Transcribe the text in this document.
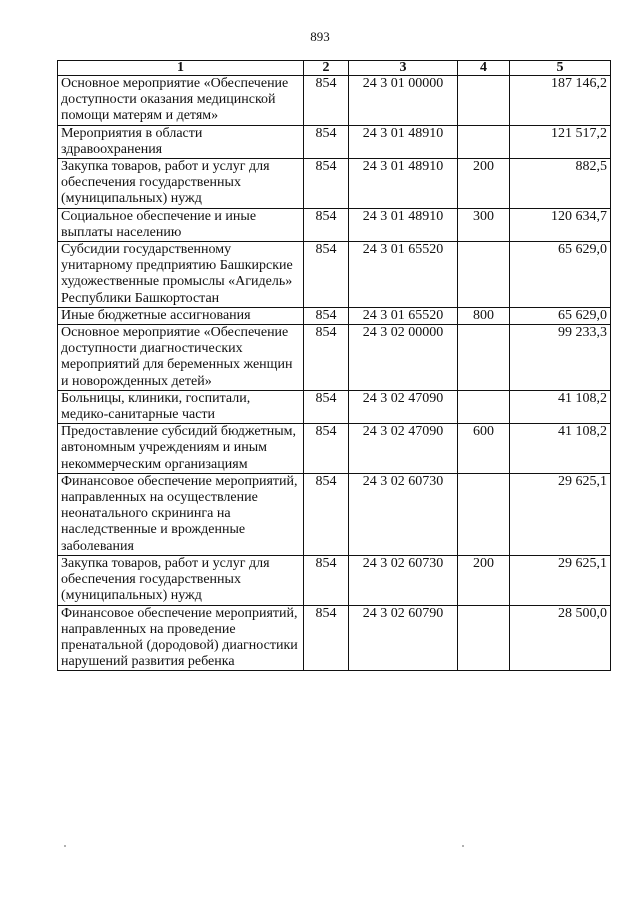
893
1	2	3	4	5
Основное мероприятие «Обеспечение доступности оказания медицинской помощи матерям и детям»	854	24 3 01 00000		187 146,2
Мероприятия в области здравоохранения	854	24 3 01 48910		121 517,2
Закупка товаров, работ и услуг для обеспечения государственных (муниципальных) нужд	854	24 3 01 48910	200	882,5
Социальное обеспечение и иные выплаты населению	854	24 3 01 48910	300	120 634,7
Субсидии государственному унитарному предприятию Башкирские художественные промыслы «Агидель» Республики Башкортостан	854	24 3 01 65520		65 629,0
Иные бюджетные ассигнования	854	24 3 01 65520	800	65 629,0
Основное мероприятие «Обеспечение доступности диагностических мероприятий для беременных женщин и новорожденных детей»	854	24 3 02 00000		99 233,3
Больницы, клиники, госпитали, медико-санитарные части	854	24 3 02 47090		41 108,2
Предоставление субсидий бюджетным, автономным учреждениям и иным некоммерческим организациям	854	24 3 02 47090	600	41 108,2
Финансовое обеспечение мероприятий, направленных на осуществление неонатального скрининга на наследственные и врожденные заболевания	854	24 3 02 60730		29 625,1
Закупка товаров, работ и услуг для обеспечения государственных (муниципальных) нужд	854	24 3 02 60730	200	29 625,1
Финансовое обеспечение мероприятий, направленных на проведение пренатальной (дородовой) диагностики нарушений развития ребенка	854	24 3 02 60790		28 500,0
